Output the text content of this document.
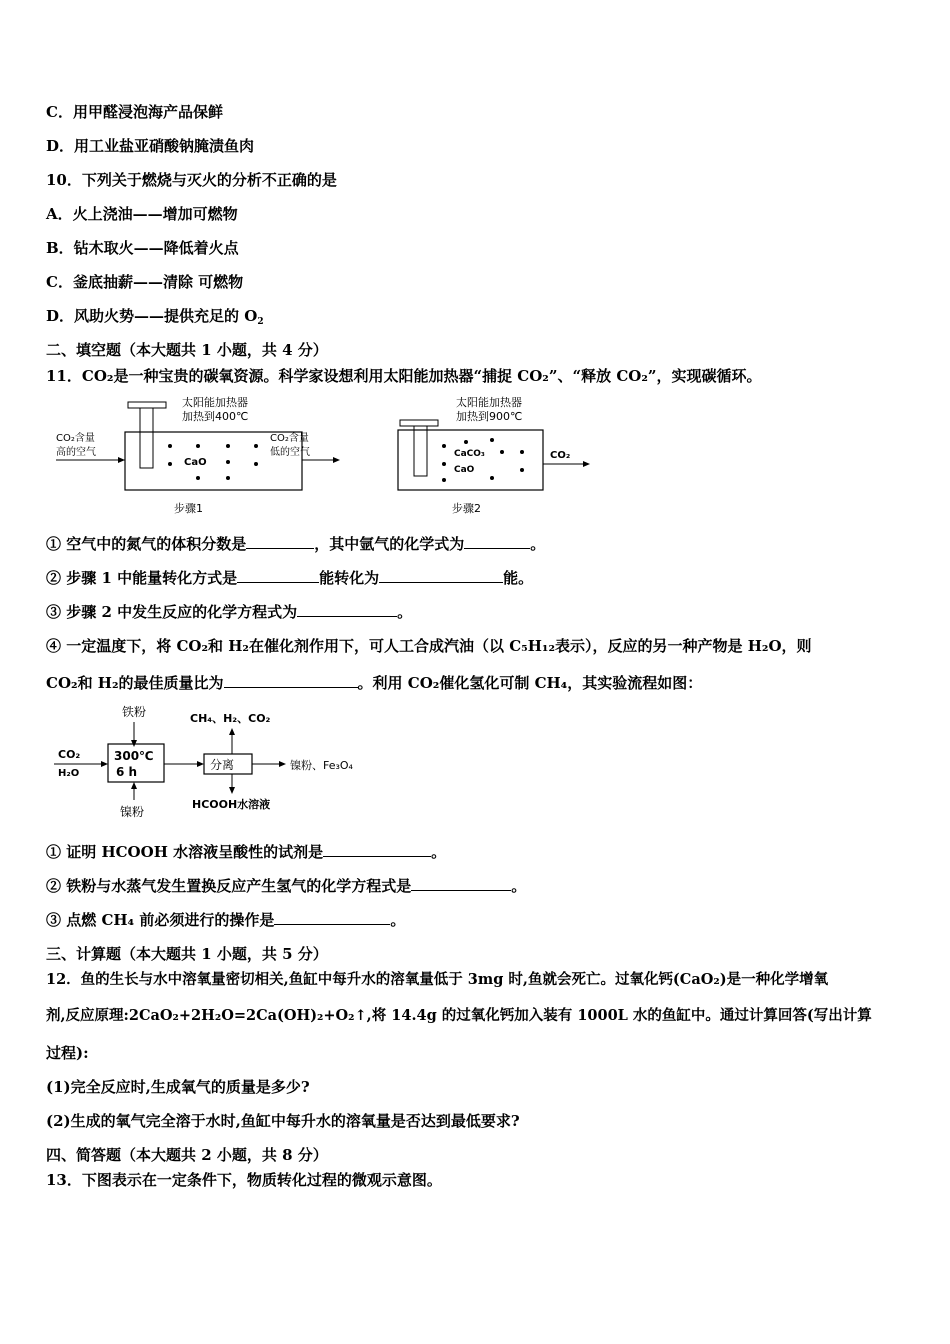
C．用甲醛浸泡海产品保鲜
D．用工业盐亚硝酸钠腌渍鱼肉
10．下列关于燃烧与灭火的分析不正确的是
A．火上浇油——增加可燃物
B．钻木取火——降低着火点
C．釜底抽薪——清除 可燃物
D．风助火势——提供充足的 $O_2$
二、填空题（本大题共 1 小题，共 4 分）
11．CO₂是一种宝贵的碳氧资源。科学家设想利用太阳能加热器“捕捉 CO₂”、“释放 CO₂”，实现碳循环。
太阳能加热器
加热到400℃
CO₂含量
高的空气
CO₂含量
低的空气
CaO
步骤1
太阳能加热器
加热到900℃
CaCO₃
CaO
CO₂
步骤2
① 空气中的氮气的体积分数是	，其中氩气的化学式为	。
② 步骤 1 中能量转化方式是	能转化为	能。
③ 步骤 2 中发生反应的化学方程式为	。
④ 一定温度下，将 CO₂和 H₂在催化剂作用下，可人工合成汽油（以 C₅H₁₂表示），反应的另一种产物是 H₂O，则
CO₂和 H₂的最佳质量比为	。利用 CO₂催化氢化可制 CH₄，其实验流程如图：
铁粉
CO₂
H₂O
300℃
6 h
镍粉
分离
CH₄、H₂、CO₂
镍粉、Fe₃O₄
HCOOH水溶液
① 证明 HCOOH 水溶液呈酸性的试剂是	。
② 铁粉与水蒸气发生置换反应产生氢气的化学方程式是	。
③ 点燃 CH₄ 前必须进行的操作是	。
三、计算题（本大题共 1 小题，共 5 分）
12．鱼的生长与水中溶氧量密切相关,鱼缸中每升水的溶氧量低于 3mg 时,鱼就会死亡。过氧化钙(CaO₂)是一种化学增氧
剂,反应原理:2CaO₂+2H₂O=2Ca(OH)₂+O₂↑,将 14.4g 的过氧化钙加入装有 1000L 水的鱼缸中。通过计算回答(写出计算
过程):
(1)完全反应时,生成氧气的质量是多少?
(2)生成的氧气完全溶于水时,鱼缸中每升水的溶氧量是否达到最低要求?
四、简答题（本大题共 2 小题，共 8 分）
13．下图表示在一定条件下，物质转化过程的微观示意图。
